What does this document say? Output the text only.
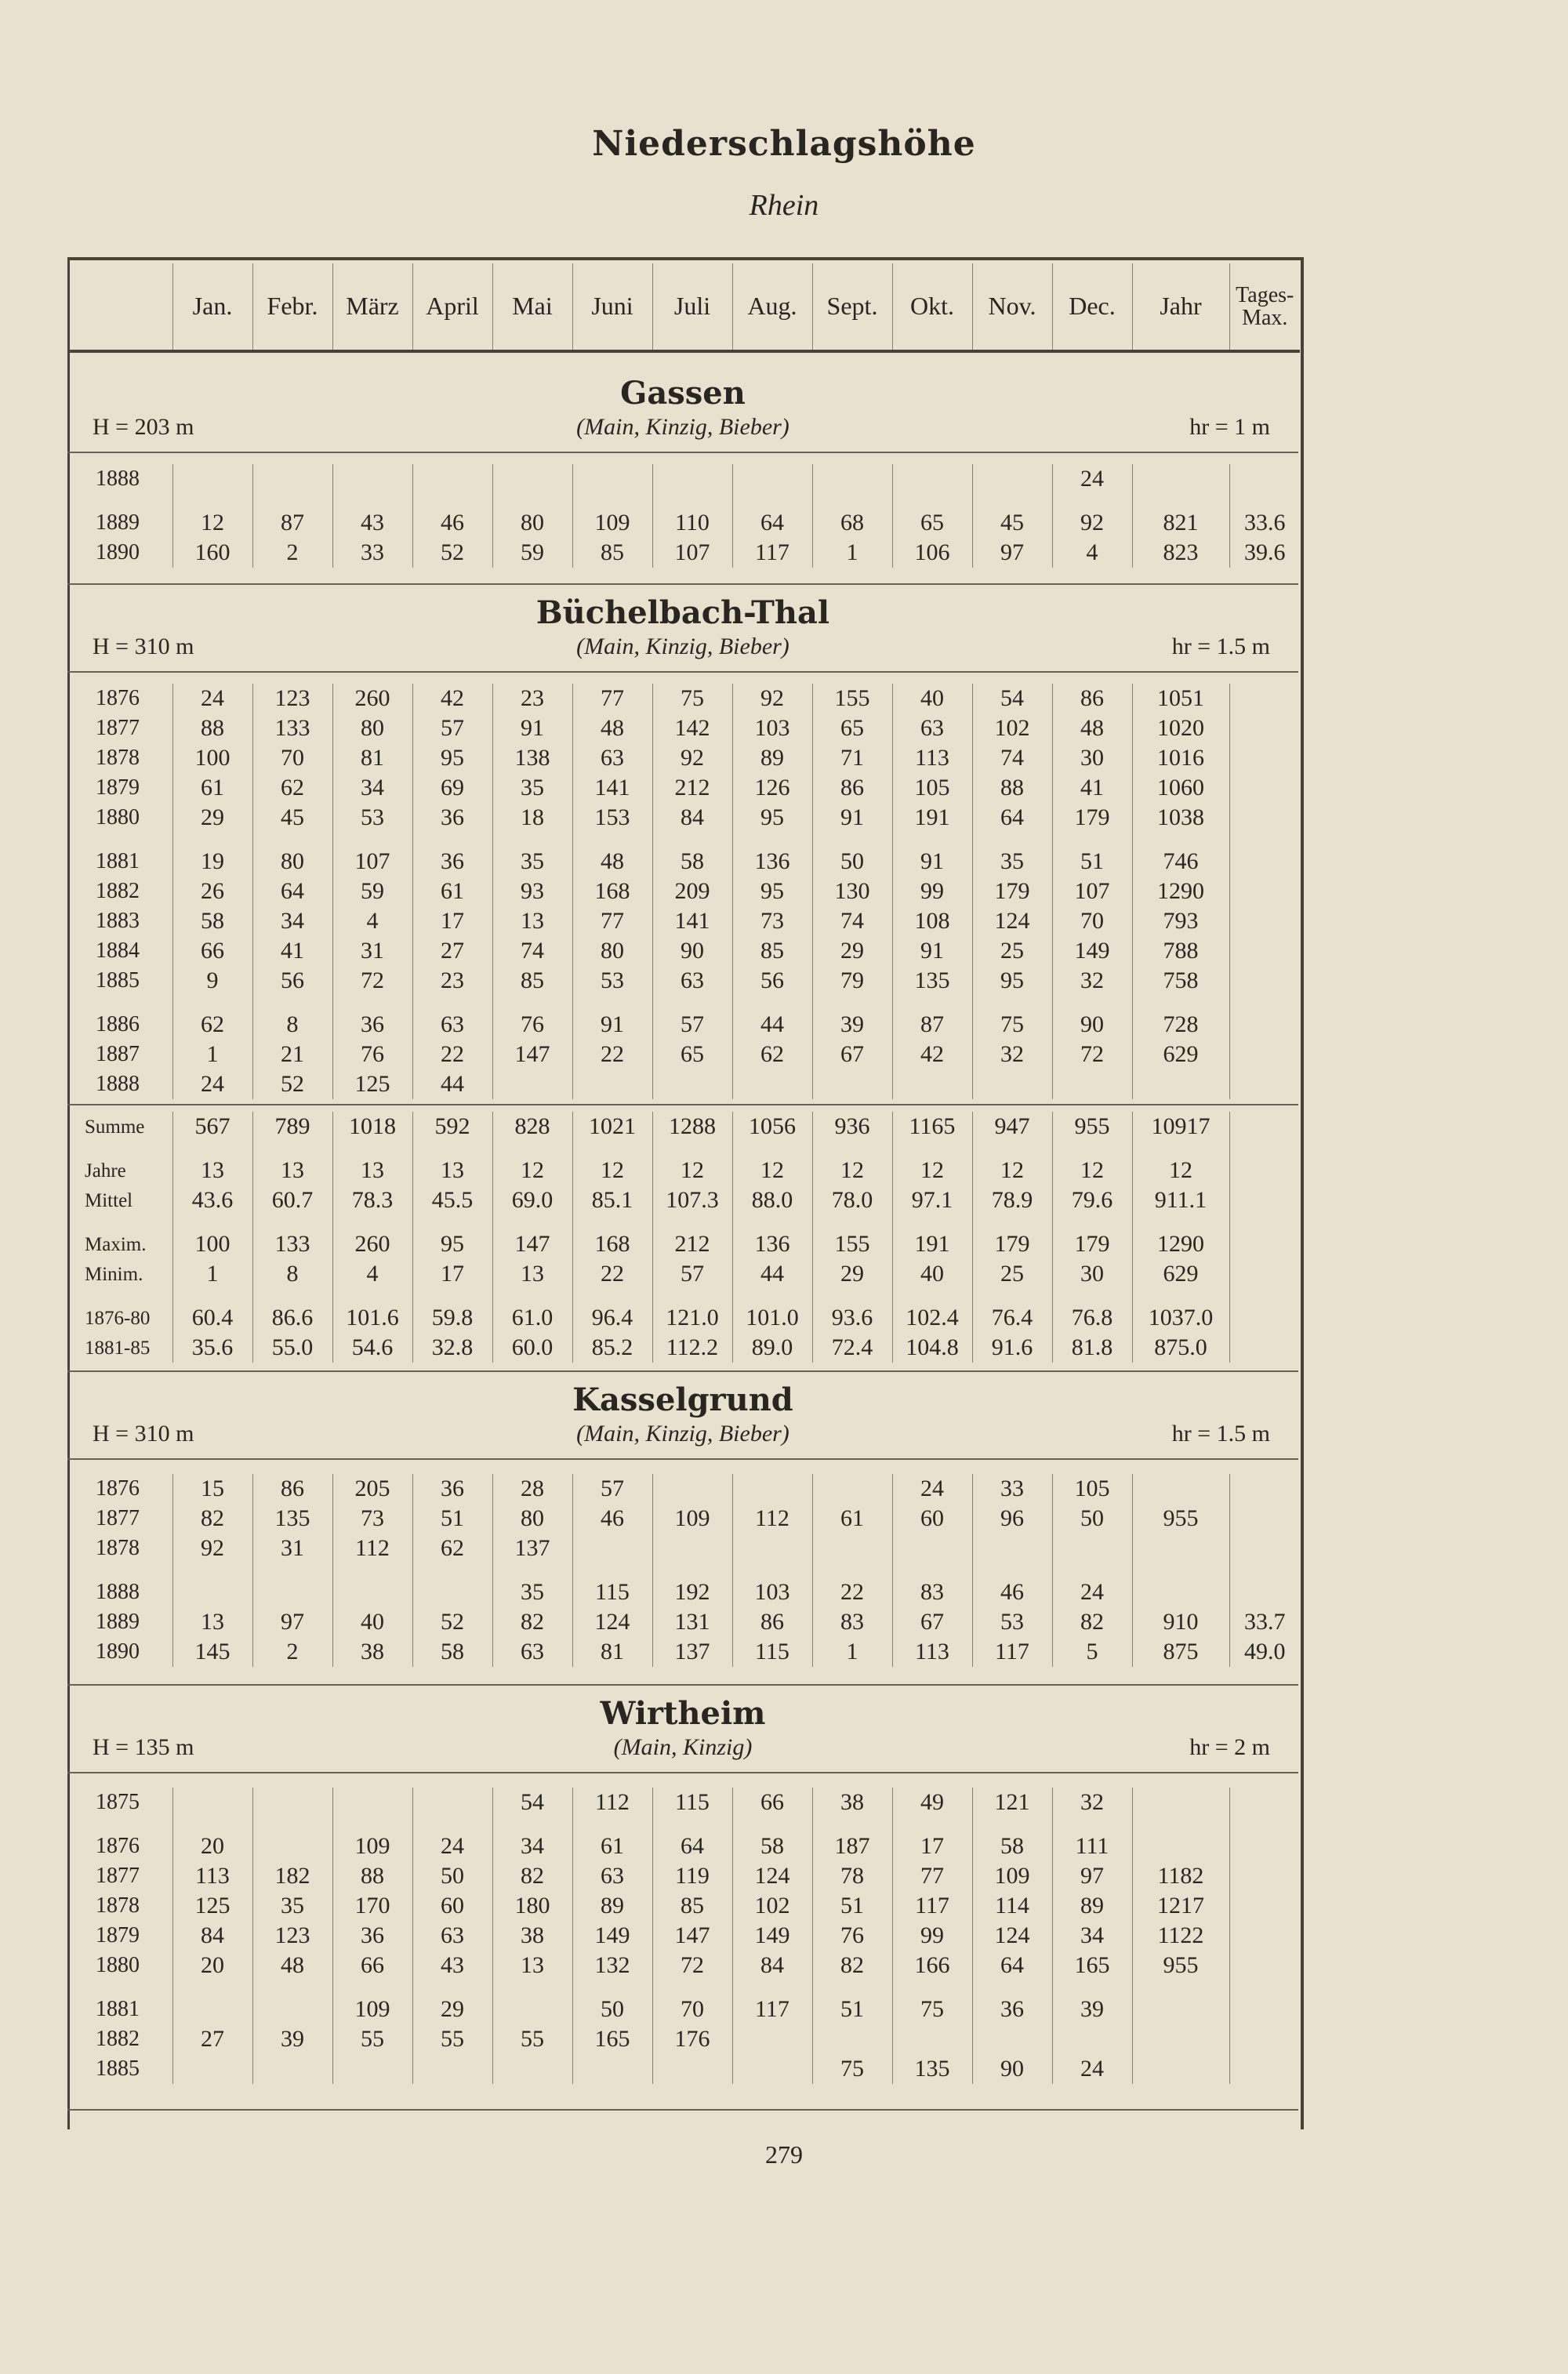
Niederschlagshöhe
Rhein
	Jan.	Febr.	März	April	Mai	Juni	Juli	Aug.	Sept.	Okt.	Nov.	Dec.	Jahr	Tages-Max.
Gassen
(Main, Kinzig, Bieber)
H = 203 m	hr = 1 m
1888												24		

1889	12	87	43	46	80	109	110	64	68	65	45	92	821	33.6
1890	160	2	33	52	59	85	107	117	1	106	97	4	823	39.6
Büchelbach-Thal
(Main, Kinzig, Bieber)
H = 310 m	hr = 1.5 m
1876	24	123	260	42	23	77	75	92	155	40	54	86	1051	
1877	88	133	80	57	91	48	142	103	65	63	102	48	1020	
1878	100	70	81	95	138	63	92	89	71	113	74	30	1016	
1879	61	62	34	69	35	141	212	126	86	105	88	41	1060	
1880	29	45	53	36	18	153	84	95	91	191	64	179	1038	

1881	19	80	107	36	35	48	58	136	50	91	35	51	746	
1882	26	64	59	61	93	168	209	95	130	99	179	107	1290	
1883	58	34	4	17	13	77	141	73	74	108	124	70	793	
1884	66	41	31	27	74	80	90	85	29	91	25	149	788	
1885	9	56	72	23	85	53	63	56	79	135	95	32	758	

1886	62	8	36	63	76	91	57	44	39	87	75	90	728	
1887	1	21	76	22	147	22	65	62	67	42	32	72	629	
1888	24	52	125	44										
Summe	567	789	1018	592	828	1021	1288	1056	936	1165	947	955	10917	

Jahre	13	13	13	13	12	12	12	12	12	12	12	12	12	
Mittel	43.6	60.7	78.3	45.5	69.0	85.1	107.3	88.0	78.0	97.1	78.9	79.6	911.1	

Maxim.	100	133	260	95	147	168	212	136	155	191	179	179	1290	
Minim.	1	8	4	17	13	22	57	44	29	40	25	30	629	

1876-80	60.4	86.6	101.6	59.8	61.0	96.4	121.0	101.0	93.6	102.4	76.4	76.8	1037.0	
1881-85	35.6	55.0	54.6	32.8	60.0	85.2	112.2	89.0	72.4	104.8	91.6	81.8	875.0	
Kasselgrund
(Main, Kinzig, Bieber)
H = 310 m	hr = 1.5 m
1876	15	86	205	36	28	57				24	33	105		
1877	82	135	73	51	80	46	109	112	61	60	96	50	955	
1878	92	31	112	62	137									

1888					35	115	192	103	22	83	46	24		
1889	13	97	40	52	82	124	131	86	83	67	53	82	910	33.7
1890	145	2	38	58	63	81	137	115	1	113	117	5	875	49.0
Wirtheim
(Main, Kinzig)
H = 135 m	hr = 2 m
1875					54	112	115	66	38	49	121	32		

1876	20		109	24	34	61	64	58	187	17	58	111		
1877	113	182	88	50	82	63	119	124	78	77	109	97	1182	
1878	125	35	170	60	180	89	85	102	51	117	114	89	1217	
1879	84	123	36	63	38	149	147	149	76	99	124	34	1122	
1880	20	48	66	43	13	132	72	84	82	166	64	165	955	

1881			109	29		50	70	117	51	75	36	39		
1882	27	39	55	55	55	165	176							
1885									75	135	90	24		
279
